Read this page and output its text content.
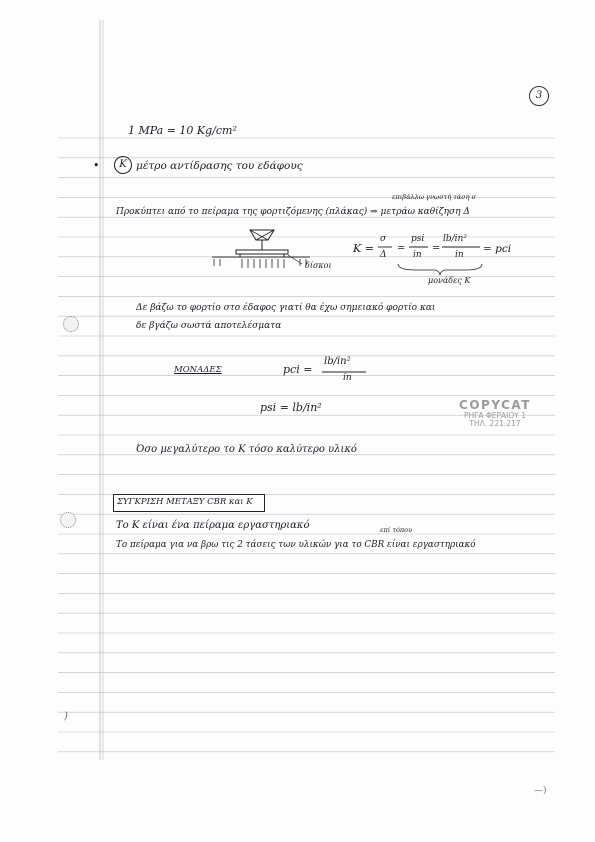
3
1 MPa = 10 Kg/cm²
•	K μέτρο αντίδρασης του εδάφους
επιβάλλω γνωστή τάση σ
Προκύπτει από το πείραμα της φορτιζόμενης (πλάκας) ⇒ μετράω καθίζηση Δ
δίσκοι
K =
σ
Δ
=
psi
in
=
lb/in²
in = pci
μονάδες K
Δε βάζω το φορτίο στο έδαφος γιατί θα έχω σημειακό φορτίο και
δε βγάζω σωστά αποτελέσματα
ΜΟΝΑΔΕΣ	pci =
lb/in²
in
psi = lb/in²	COPYCAT
ΡΗΓΑ ΦΕΡΑΙΟΥ 1
ΤΗΛ. 221.217
Όσο μεγαλύτερο το K τόσο καλύτερο υλικό
ΣΥΓΚΡΙΣΗ ΜΕΤΑΞΥ CBR και K
Το K είναι ένα πείραμα εργαστηριακό	επί τόπου
Το πείραμα για να βρω τις 2 τάσεις των υλικών για το CBR είναι εργαστηριακό
)
—)
